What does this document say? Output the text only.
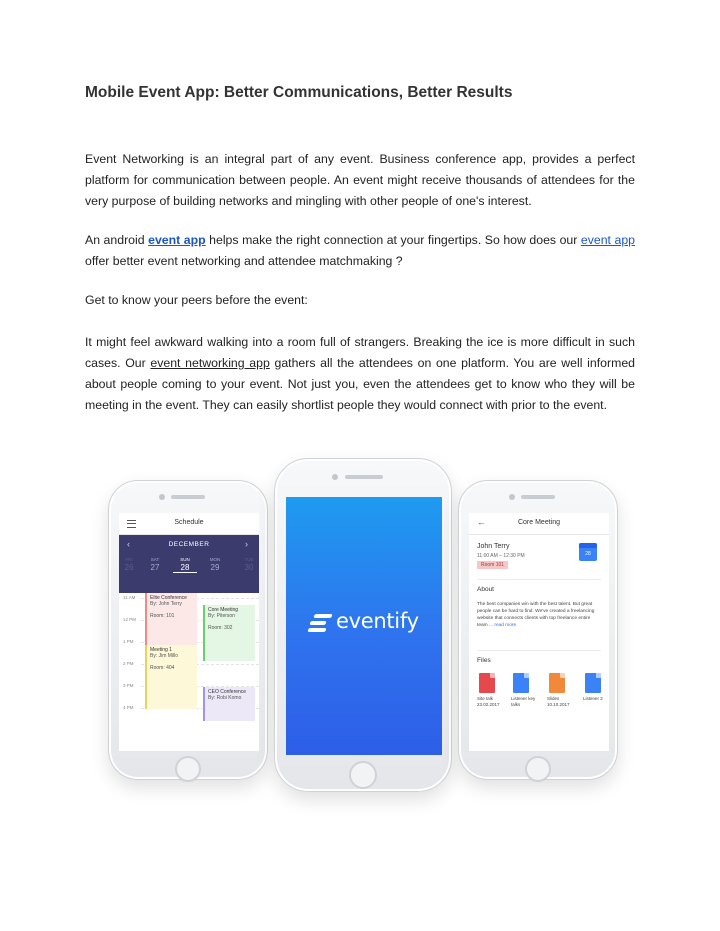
Mobile Event App: Better Communications, Better Results

Event Networking is an integral part of any event. Business conference app, provides a perfect platform for communication between people. An event might receive thousands of attendees for the very purpose of building networks and mingling with other people of one's interest.

An android event app helps make the right connection at your fingertips. So how does our event app offer better event networking and attendee matchmaking ?

Get to know your peers before the event:

It might feel awkward walking into a room full of strangers. Breaking the ice is more difficult in such cases. Our event networking app gathers all the attendees on one platform. You are well informed about people coming to your event. Not just you, even the attendees get to know who they will be meeting in the event. They can easily shortlist people they would connect with prior to the event.

Schedule
DECEMBER
‹	›
FRI
26
SAT
27
SUN
28
MON
29
TUE
30
11 AM
12 PM
1 PM
2 PM
3 PM
4 PM
Elite Conference
By: John Terry
Room: 101
Core Meeting
By: Piterson
Room: 302
Meeting 1
By: Jim Millo
Room: 404
CEO Conference
By: Robi Komo
eventify
Core Meeting
←
John Terry
11:00 AM – 12:30 PM
Room 101
28
About
The best companies win with the best talent. But great people can be hard to find. We've created a freelancing website that connects clients with top freelance entire team ... read more
Files
Site talk
23.02.2017
Listener key talks
Slides
10.10.2017
Listener 2
